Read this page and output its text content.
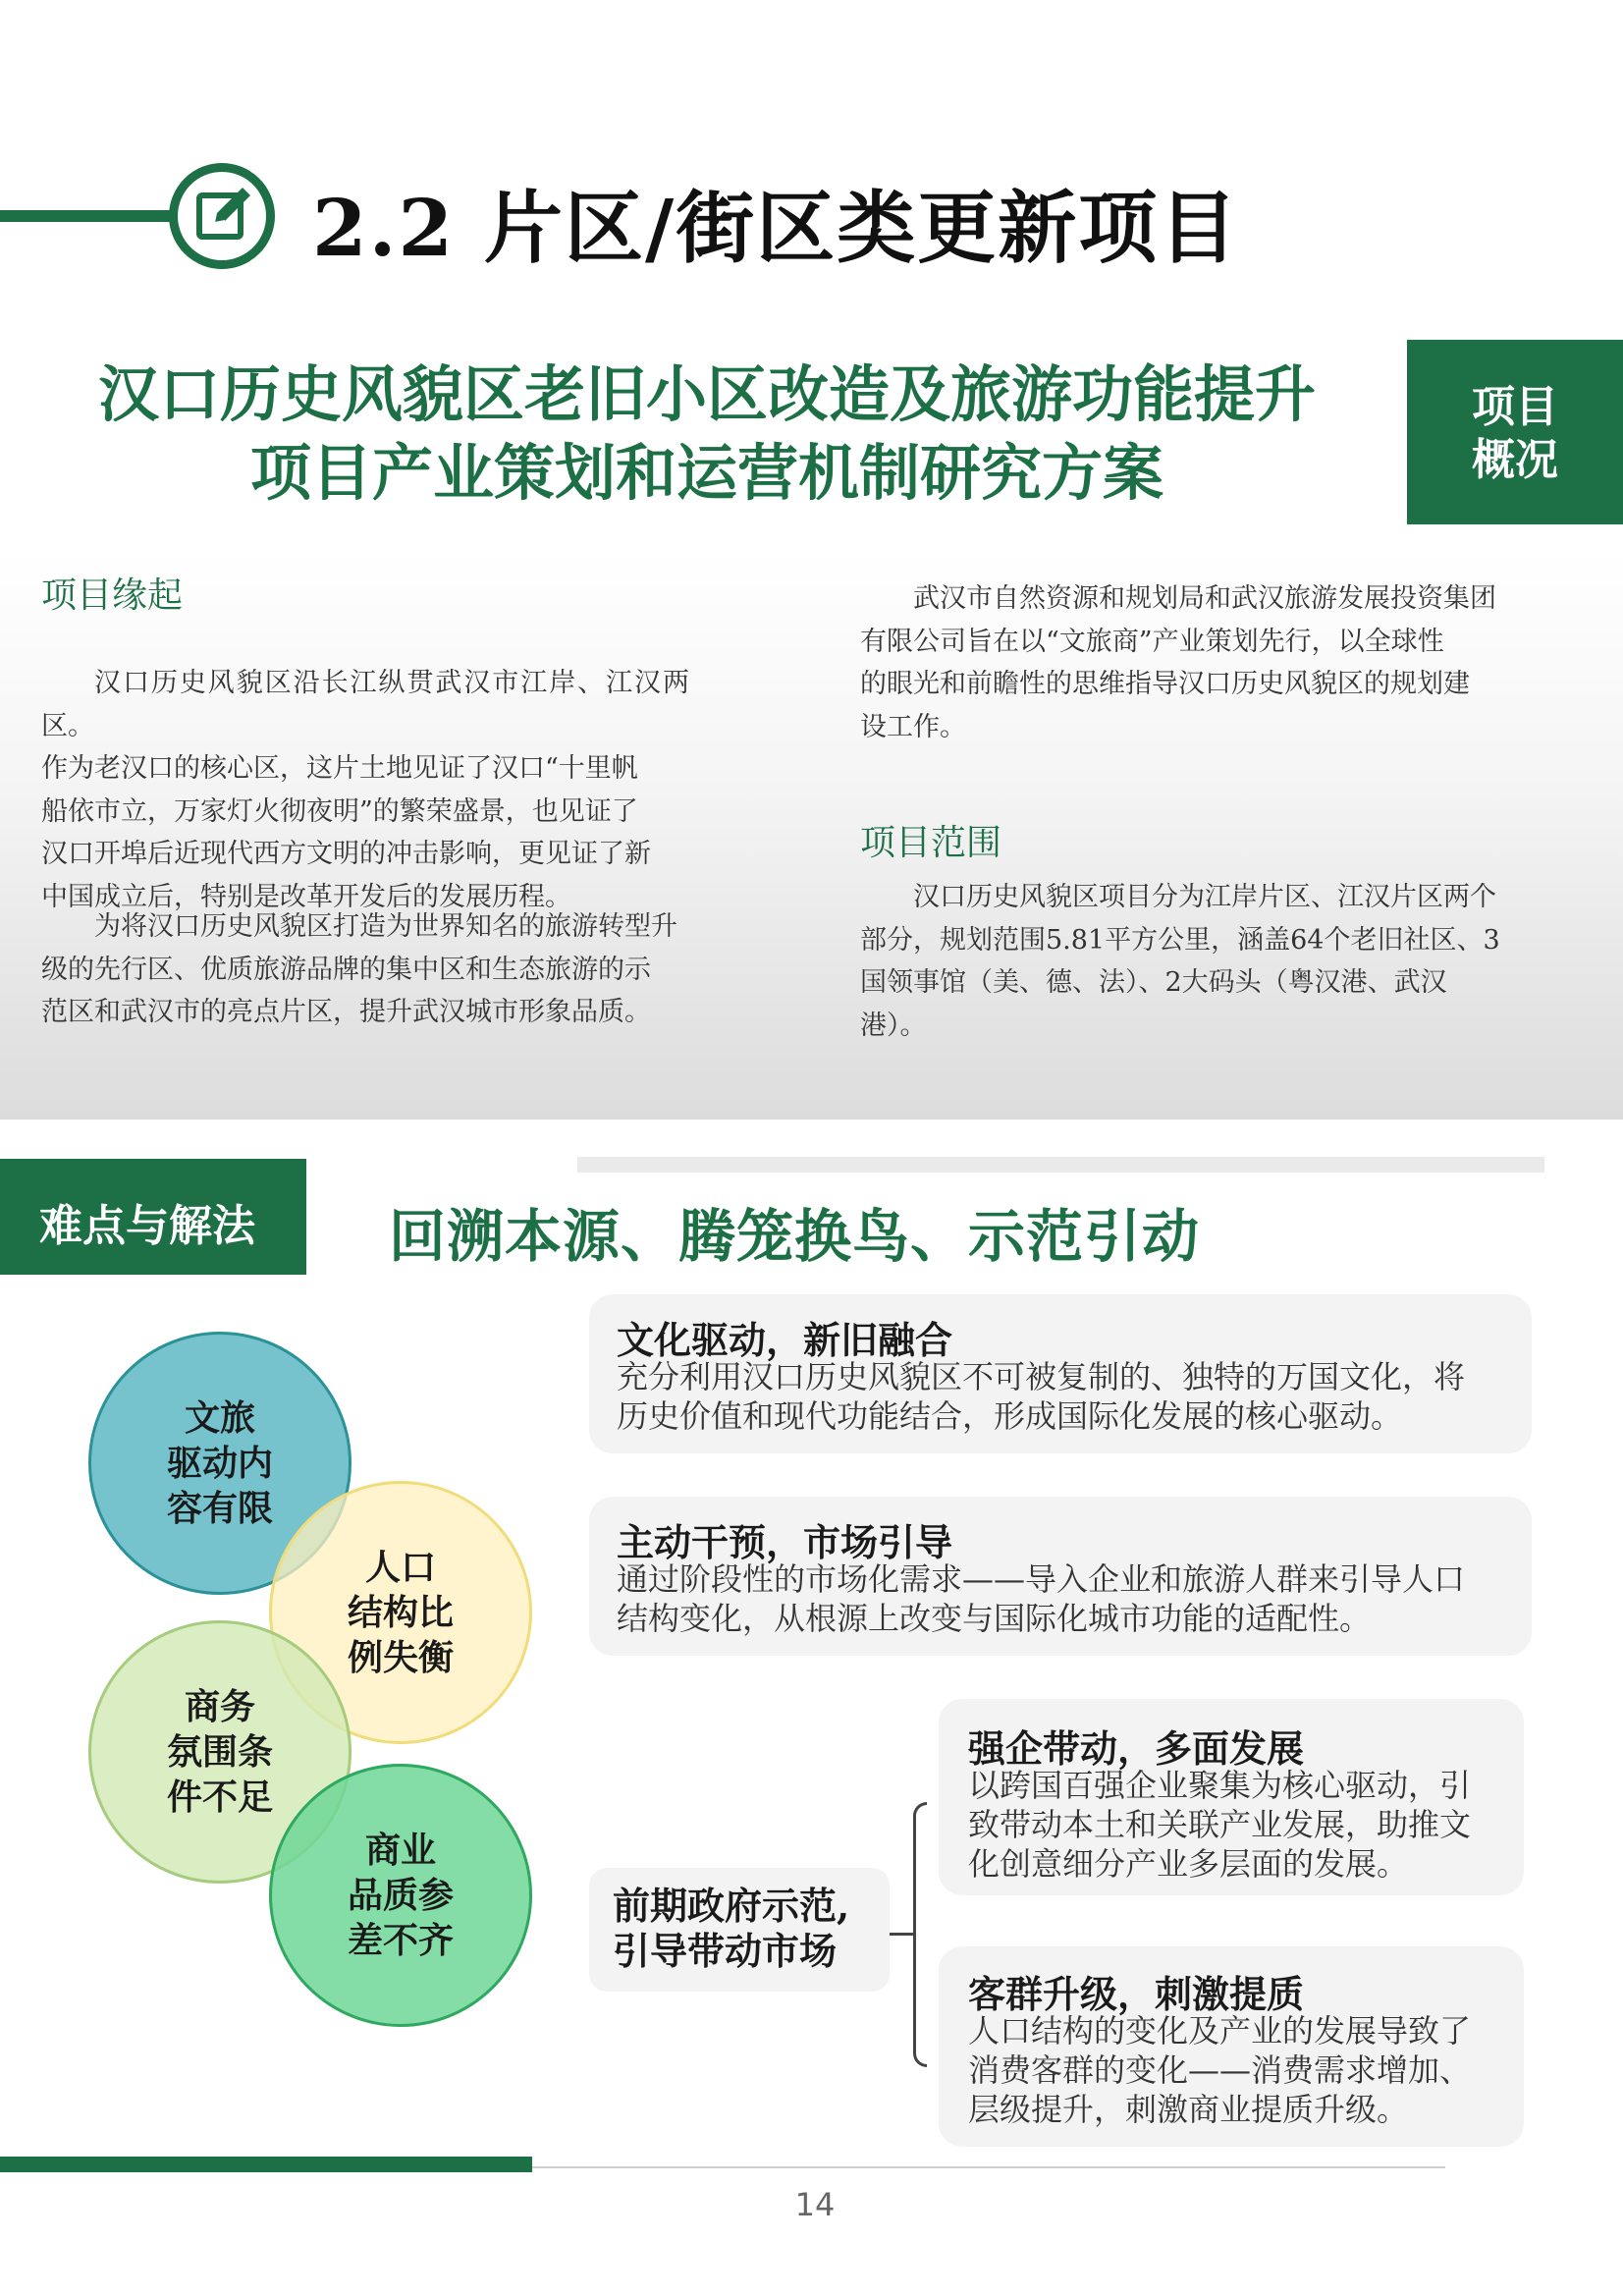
2.2 片区/街区类更新项目
汉口历史风貌区老旧小区改造及旅游功能提升
项目产业策划和运营机制研究方案
项目
概况
项目缘起
汉口历史风貌区沿长江纵贯武汉市江岸、江汉两区。
作为老汉口的核心区，这片土地见证了汉口“十里帆
船依市立，万家灯火彻夜明”的繁荣盛景，也见证了
汉口开埠后近现代西方文明的冲击影响，更见证了新
中国成立后，特别是改革开发后的发展历程。
为将汉口历史风貌区打造为世界知名的旅游转型升
级的先行区、优质旅游品牌的集中区和生态旅游的示
范区和武汉市的亮点片区，提升武汉城市形象品质。
武汉市自然资源和规划局和武汉旅游发展投资集团
有限公司旨在以“文旅商”产业策划先行，以全球性
的眼光和前瞻性的思维指导汉口历史风貌区的规划建
设工作。
项目范围
汉口历史风貌区项目分为江岸片区、江汉片区两个
部分，规划范围5.81平方公里，涵盖64个老旧社区、3
国领事馆（美、德、法）、2大码头（粤汉港、武汉
港）。
难点与解法	回溯本源、腾笼换鸟、示范引动
文旅
驱动内
容有限
人口
结构比
例失衡
商务
氛围条
件不足
商业
品质参
差不齐
文化驱动，新旧融合
充分利用汉口历史风貌区不可被复制的、独特的万国文化，将
历史价值和现代功能结合，形成国际化发展的核心驱动。
主动干预，市场引导
通过阶段性的市场化需求——导入企业和旅游人群来引导人口
结构变化，从根源上改变与国际化城市功能的适配性。
前期政府示范,
引导带动市场
强企带动，多面发展
以跨国百强企业聚集为核心驱动，引
致带动本土和关联产业发展，助推文
化创意细分产业多层面的发展。
客群升级，刺激提质
人口结构的变化及产业的发展导致了
消费客群的变化——消费需求增加、
层级提升，刺激商业提质升级。
14
